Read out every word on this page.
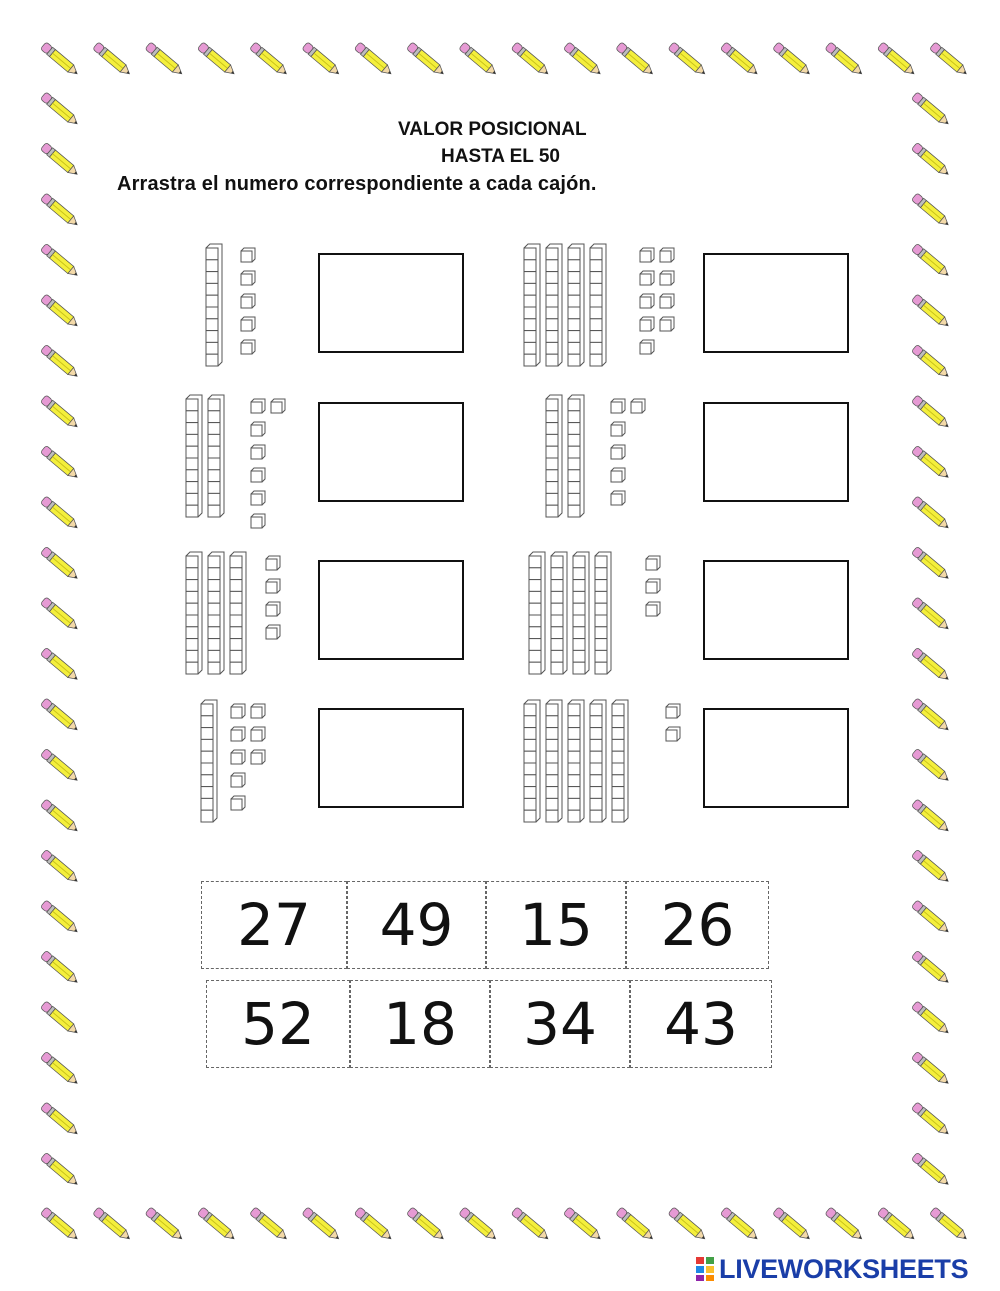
VALOR POSICIONAL
HASTA EL 50
Arrastra el numero correspondiente a cada cajón.
27	49	15	26
52	18	34	43
LIVEWORKSHEETS
